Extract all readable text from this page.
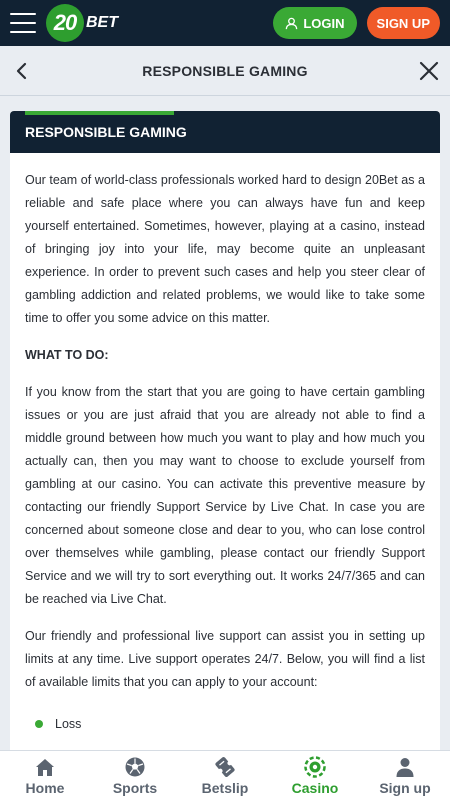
20 BET	LOGIN	SIGN UP
RESPONSIBLE GAMING
RESPONSIBLE GAMING

Our team of world-class professionals worked hard to design 20Bet as a reliable and safe place where you can always have fun and keep yourself entertained. Sometimes, however, playing at a casino, instead of bringing joy into your life, may become quite an unpleasant experience. In order to prevent such cases and help you steer clear of gambling addiction and related problems, we would like to take some time to offer you some advice on this matter.

WHAT TO DO:

If you know from the start that you are going to have certain gambling issues or you are just afraid that you are already not able to find a middle ground between how much you want to play and how much you actually can, then you may want to choose to exclude yourself from gambling at our casino. You can activate this preventive measure by contacting our friendly Support Service by Live Chat. In case you are concerned about someone close and dear to you, who can lose control over themselves while gambling, please contact our friendly Support Service and we will try to sort everything out. It works 24/7/365 and can be reached via Live Chat.

Our friendly and professional live support can assist you in setting up limits at any time. Live support operates 24/7. Below, you will find a list of available limits that you can apply to your account:

Loss
Home	Sports	Betslip	Casino	Sign up
